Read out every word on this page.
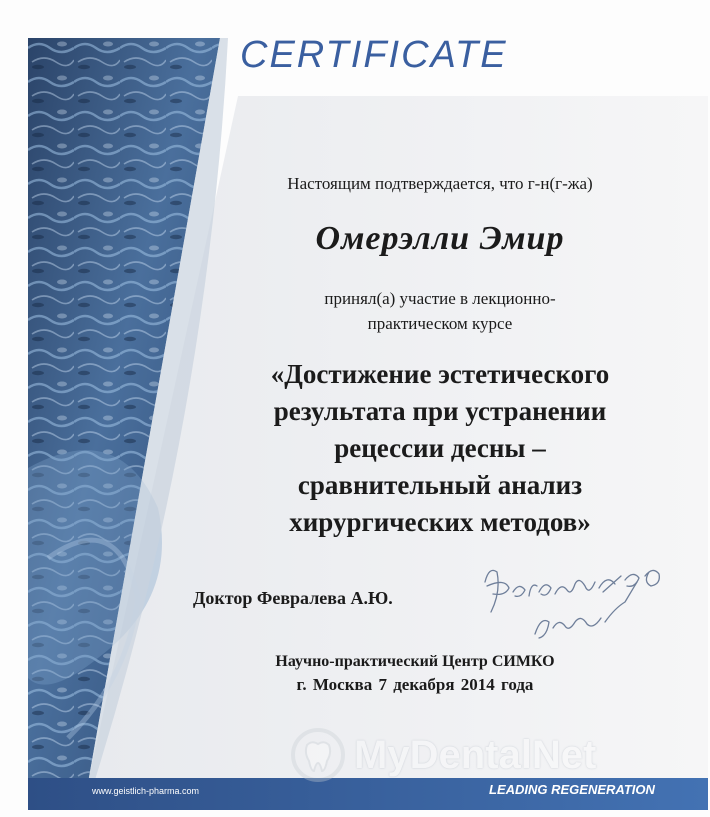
CERTIFICATE
Настоящим подтверждается, что г-н(г-жа)
Омерэлли Эмир
принял(а) участие в лекционно-
практическом курсе
«Достижение эстетического
результата при устранении
рецессии десны –
сравнительный анализ
хирургических методов»
Доктор Февралева А.Ю.
Научно-практический Центр СИМКО
г. Москва 7 декабря 2014 года
MyDentalNet
www.geistlich-pharma.com	LEADING REGENERATION
